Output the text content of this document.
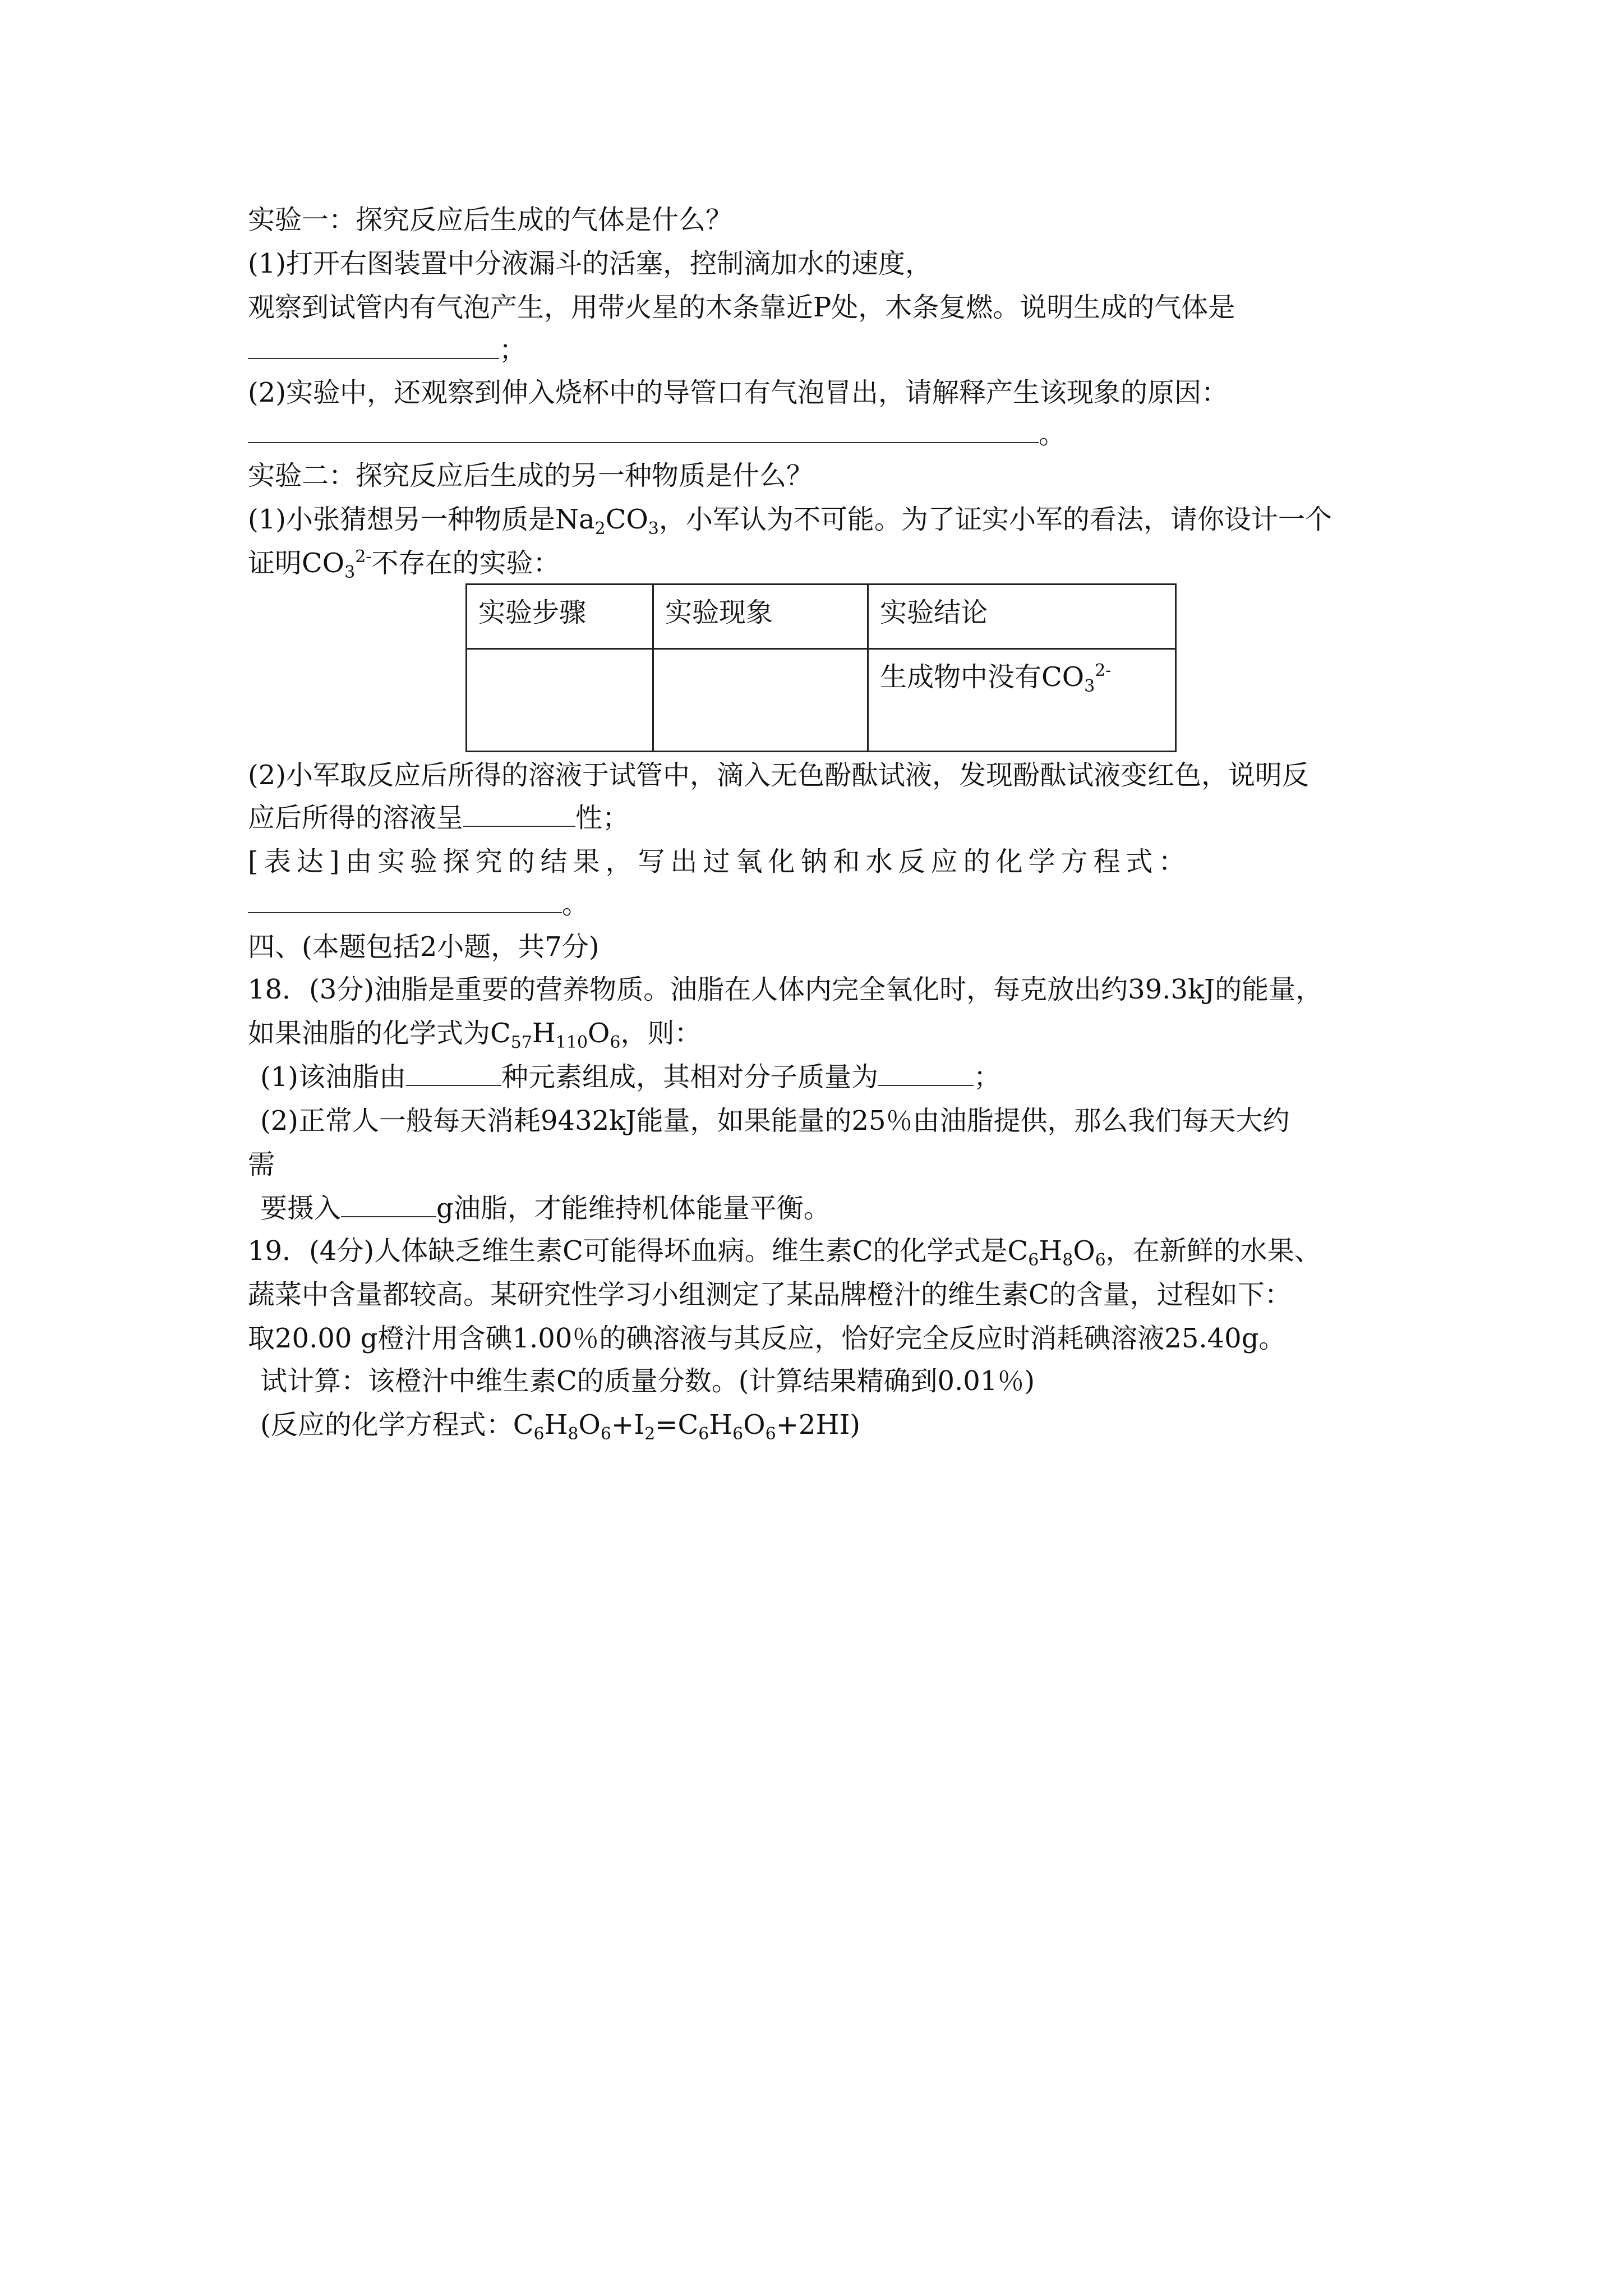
实验一：探究反应后生成的气体是什么？
(1)打开右图装置中分液漏斗的活塞，控制滴加水的速度，
观察到试管内有气泡产生，用带火星的木条靠近P处，木条复燃。说明生成的气体是
；
(2)实验中，还观察到伸入烧杯中的导管口有气泡冒出，请解释产生该现象的原因：
。
实验二：探究反应后生成的另一种物质是什么？
(1)小张猜想另一种物质是$Na_2CO_3$，小军认为不可能。为了证实小军的看法，请你设计一个
证明$CO_3^{2-}$不存在的实验：
实验步骤	实验现象	实验结论
		生成物中没有$CO_3^{2-}$
(2)小军取反应后所得的溶液于试管中，滴入无色酚酞试液，发现酚酞试液变红色，说明反
应后所得的溶液呈	性；
[表达]由实验探究的结果，写出过氧化钠和水反应的化学方程式：
。
四、(本题包括2小题，共7分)
18．(3分)油脂是重要的营养物质。油脂在人体内完全氧化时，每克放出约39.3kJ的能量，
如果油脂的化学式为$C_{57}H_{110}O_6$，则：
(1)该油脂由	种元素组成，其相对分子质量为	；
(2)正常人一般每天消耗9432kJ能量，如果能量的25％由油脂提供，那么我们每天大约
需
要摄入	g油脂，才能维持机体能量平衡。
19．(4分)人体缺乏维生素C可能得坏血病。维生素C的化学式是$C_6H_8O_6$，在新鲜的水果、
蔬菜中含量都较高。某研究性学习小组测定了某品牌橙汁的维生素C的含量，过程如下：
取20.00 g橙汁用含碘1.00％的碘溶液与其反应，恰好完全反应时消耗碘溶液25.40g。
试计算：该橙汁中维生素C的质量分数。(计算结果精确到0.01％)
(反应的化学方程式：$C_6H_8O_6+I_2=C_6H_6O_6+2HI$)
